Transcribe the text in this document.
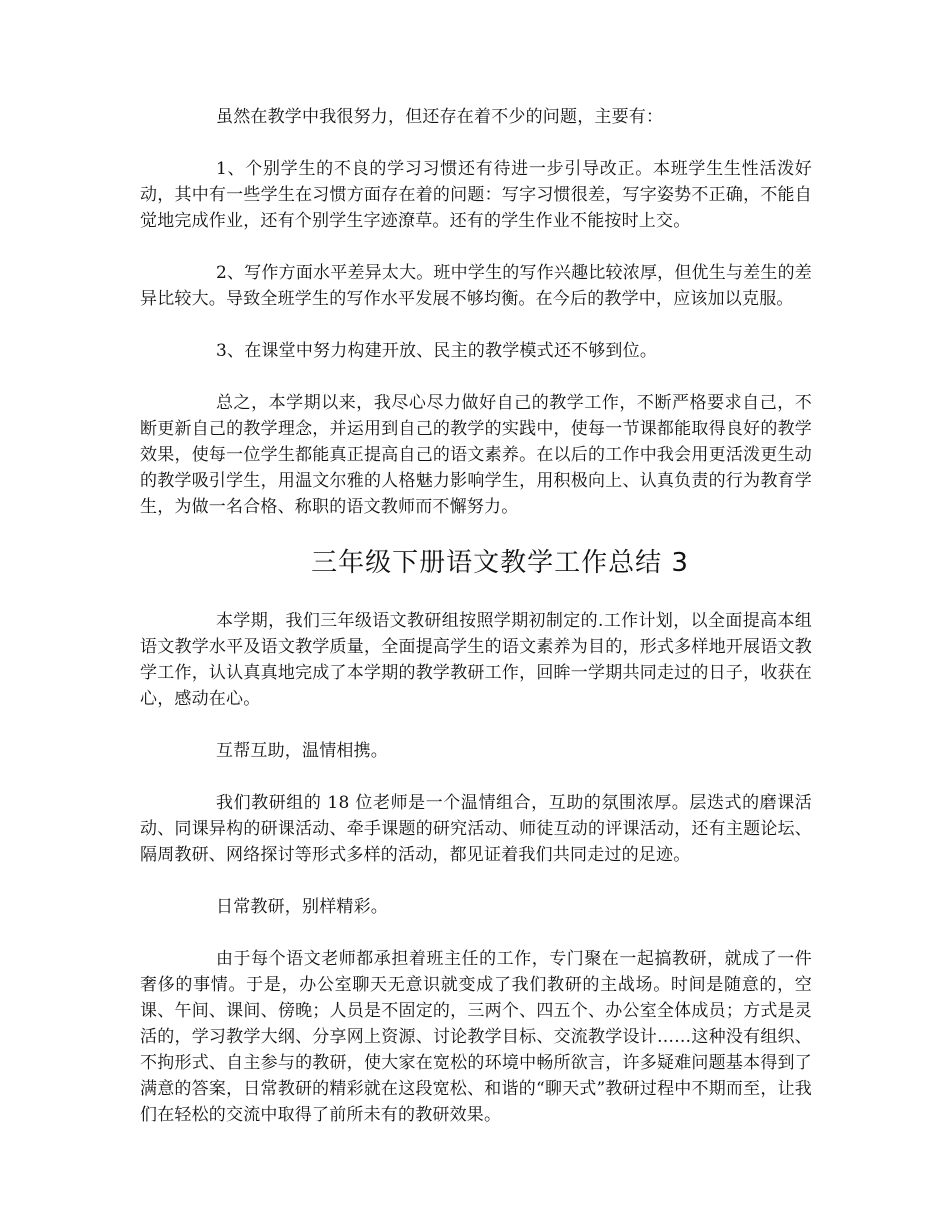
虽然在教学中我很努力，但还存在着不少的问题，主要有：

1、个别学生的不良的学习习惯还有待进一步引导改正。本班学生生性活泼好动，其中有一些学生在习惯方面存在着的问题：写字习惯很差，写字姿势不正确，不能自觉地完成作业，还有个别学生字迹潦草。还有的学生作业不能按时上交。

2、写作方面水平差异太大。班中学生的写作兴趣比较浓厚，但优生与差生的差异比较大。导致全班学生的写作水平发展不够均衡。在今后的教学中，应该加以克服。

3、在课堂中努力构建开放、民主的教学模式还不够到位。

总之，本学期以来，我尽心尽力做好自己的教学工作，不断严格要求自己，不断更新自己的教学理念，并运用到自己的教学的实践中，使每一节课都能取得良好的教学效果，使每一位学生都能真正提高自己的语文素养。在以后的工作中我会用更活泼更生动的教学吸引学生，用温文尔雅的人格魅力影响学生，用积极向上、认真负责的行为教育学生，为做一名合格、称职的语文教师而不懈努力。

三年级下册语文教学工作总结 3

本学期，我们三年级语文教研组按照学期初制定的.工作计划，以全面提高本组语文教学水平及语文教学质量，全面提高学生的语文素养为目的，形式多样地开展语文教学工作，认认真真地完成了本学期的教学教研工作，回眸一学期共同走过的日子，收获在心，感动在心。

互帮互助，温情相携。

我们教研组的 18 位老师是一个温情组合，互助的氛围浓厚。层迭式的磨课活动、同课异构的研课活动、牵手课题的研究活动、师徒互动的评课活动，还有主题论坛、隔周教研、网络探讨等形式多样的活动，都见证着我们共同走过的足迹。

日常教研，别样精彩。

由于每个语文老师都承担着班主任的工作，专门聚在一起搞教研，就成了一件奢侈的事情。于是，办公室聊天无意识就变成了我们教研的主战场。时间是随意的，空课、午间、课间、傍晚；人员是不固定的，三两个、四五个、办公室全体成员；方式是灵活的，学习教学大纲、分享网上资源、讨论教学目标、交流教学设计……这种没有组织、不拘形式、自主参与的教研，使大家在宽松的环境中畅所欲言，许多疑难问题基本得到了满意的答案，日常教研的精彩就在这段宽松、和谐的“聊天式”教研过程中不期而至，让我们在轻松的交流中取得了前所未有的教研效果。
